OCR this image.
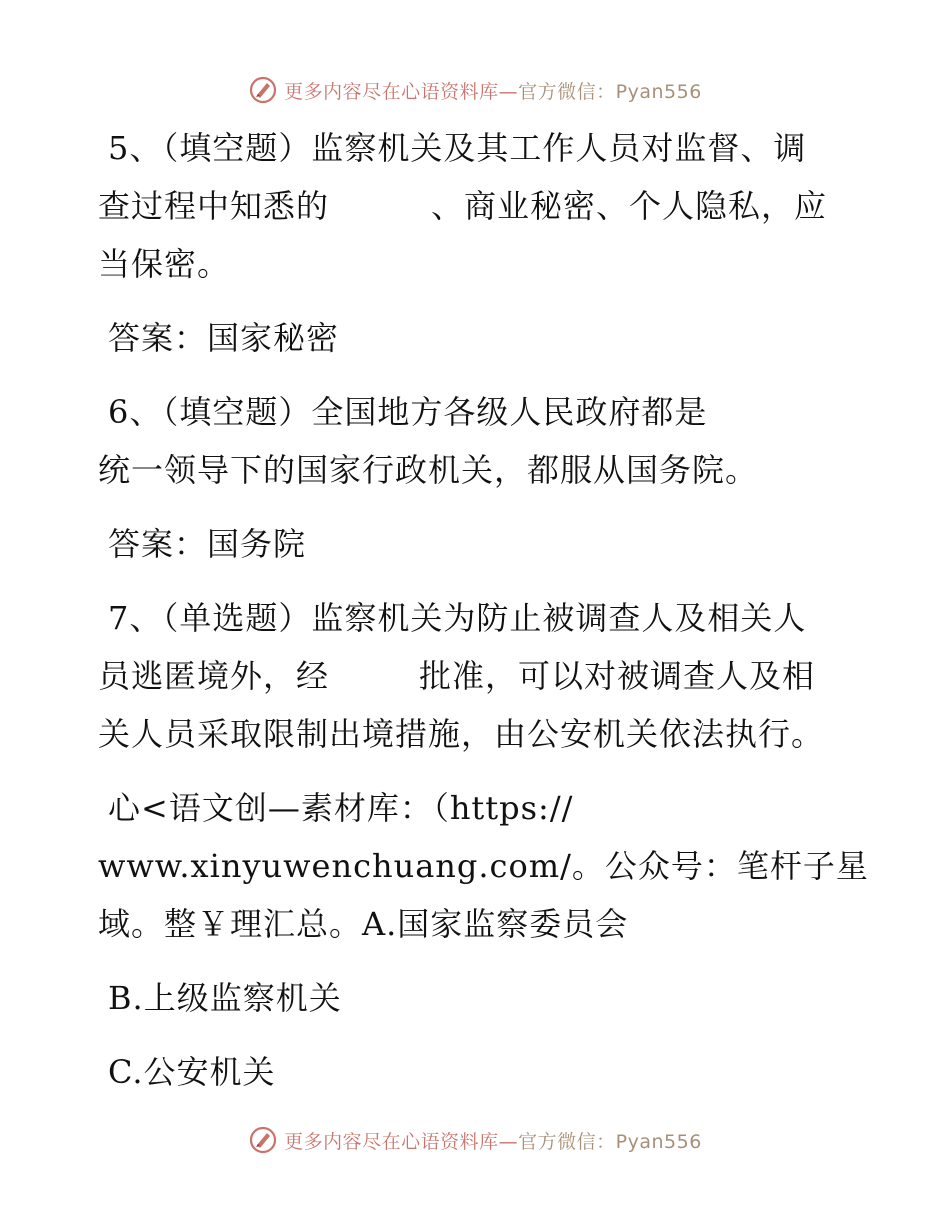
更多内容尽在心语资料库—官方微信：Pyan556
5、（填空题）监察机关及其工作人员对监督、调
查过程中知悉的	、商业秘密、个人隐私，应
当保密。
答案：国家秘密
6、（填空题）全国地方各级人民政府都是
统一领导下的国家行政机关，都服从国务院。
答案：国务院
7、（单选题）监察机关为防止被调查人及相关人
员逃匿境外，经	批准，可以对被调查人及相
关人员采取限制出境措施，由公安机关依法执行。
心<语文创—素材库：（https://
www.xinyuwenchuang.com/。公众号：笔杆子星
域。整￥理汇总。A.国家监察委员会
B.上级监察机关
C.公安机关
更多内容尽在心语资料库—官方微信：Pyan556
